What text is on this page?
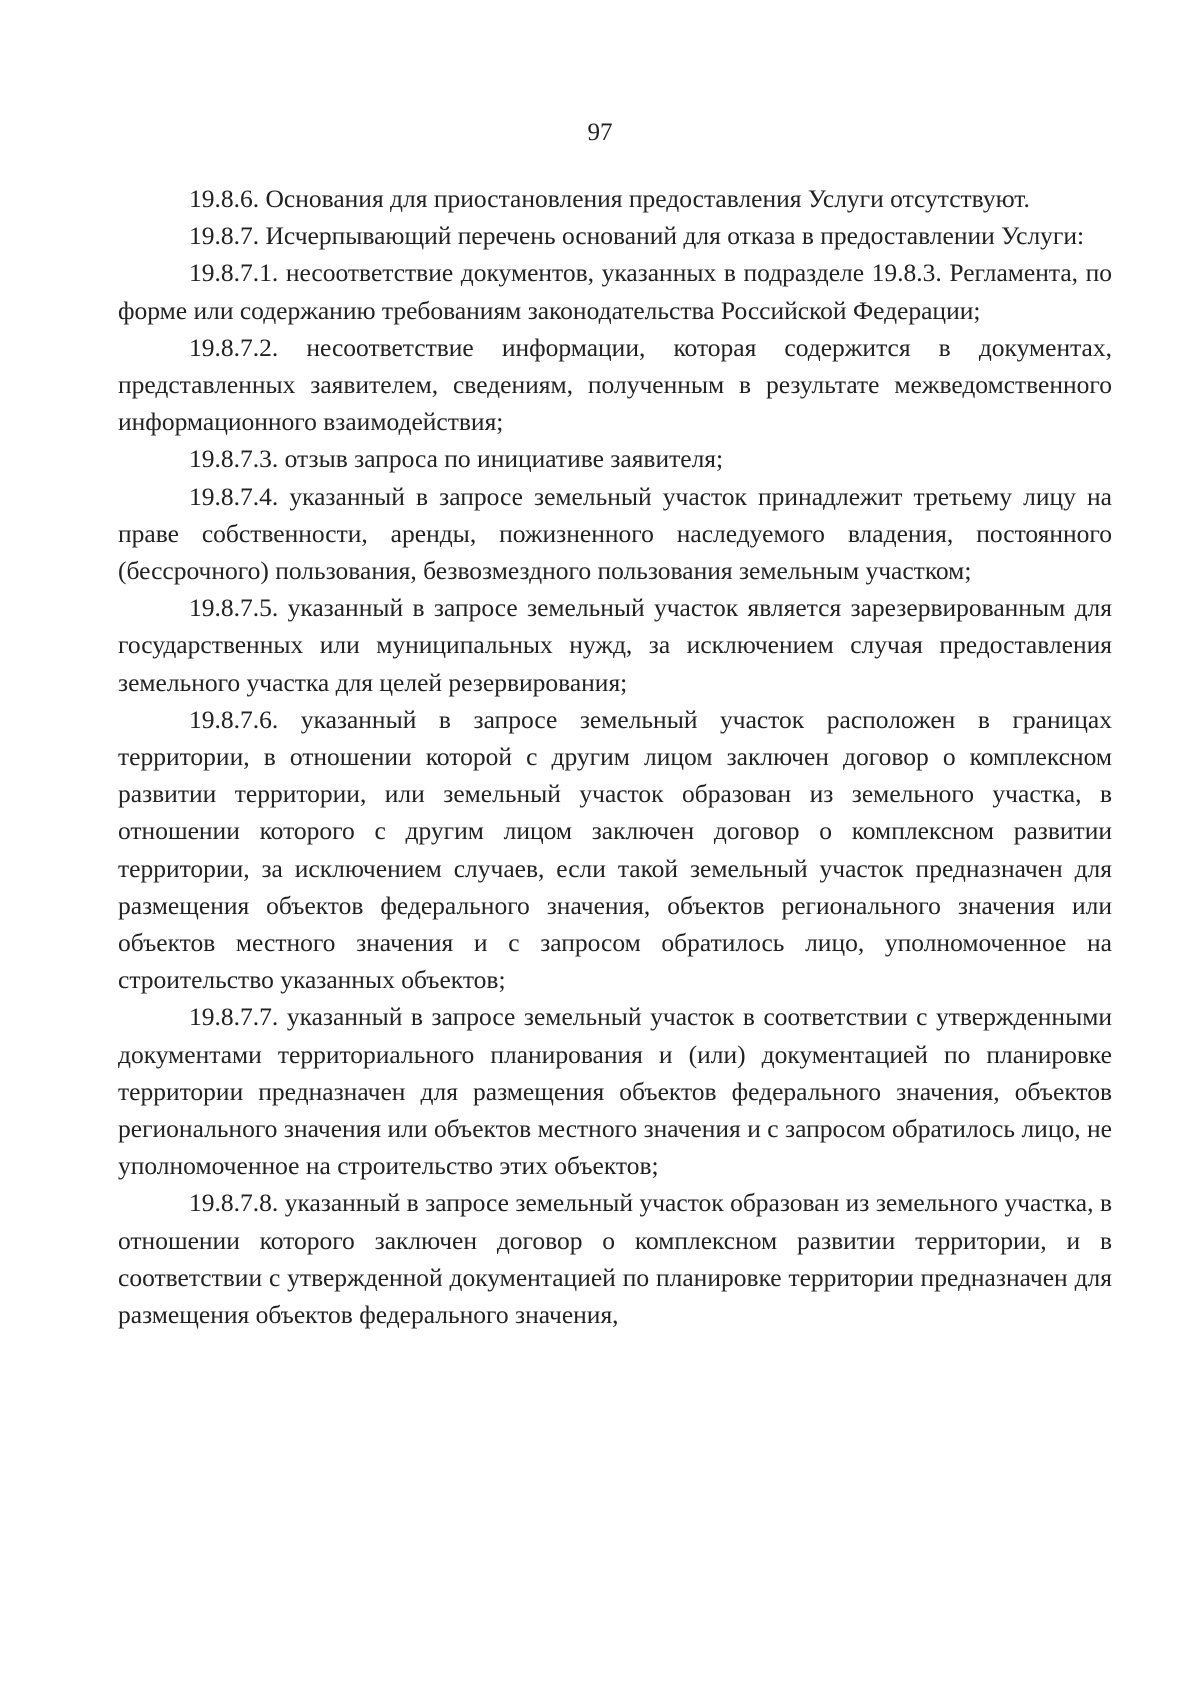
97

19.8.6. Основания для приостановления предоставления Услуги отсутствуют.

19.8.7. Исчерпывающий перечень оснований для отказа в предоставлении Услуги:

19.8.7.1. несоответствие документов, указанных в подразделе 19.8.3. Регламента, по форме или содержанию требованиям законодательства Российской Федерации;

19.8.7.2. несоответствие информации, которая содержится в документах, представленных заявителем, сведениям, полученным в результате межведомственного информационного взаимодействия;

19.8.7.3. отзыв запроса по инициативе заявителя;

19.8.7.4. указанный в запросе земельный участок принадлежит третьему лицу на праве собственности, аренды, пожизненного наследуемого владения, постоянного (бессрочного) пользования, безвозмездного пользования земельным участком;

19.8.7.5. указанный в запросе земельный участок является зарезервированным для государственных или муниципальных нужд, за исключением случая предоставления земельного участка для целей резервирования;

19.8.7.6. указанный в запросе земельный участок расположен в границах территории, в отношении которой с другим лицом заключен договор о комплексном развитии территории, или земельный участок образован из земельного участка, в отношении которого с другим лицом заключен договор о комплексном развитии территории, за исключением случаев, если такой земельный участок предназначен для размещения объектов федерального значения, объектов регионального значения или объектов местного значения и с запросом обратилось лицо, уполномоченное на строительство указанных объектов;

19.8.7.7. указанный в запросе земельный участок в соответствии с утвержденными документами территориального планирования и (или) документацией по планировке территории предназначен для размещения объектов федерального значения, объектов регионального значения или объектов местного значения и с запросом обратилось лицо, не уполномоченное на строительство этих объектов;

19.8.7.8. указанный в запросе земельный участок образован из земельного участка, в отношении которого заключен договор о комплексном развитии территории, и в соответствии с утвержденной документацией по планировке территории предназначен для размещения объектов федерального значения,
